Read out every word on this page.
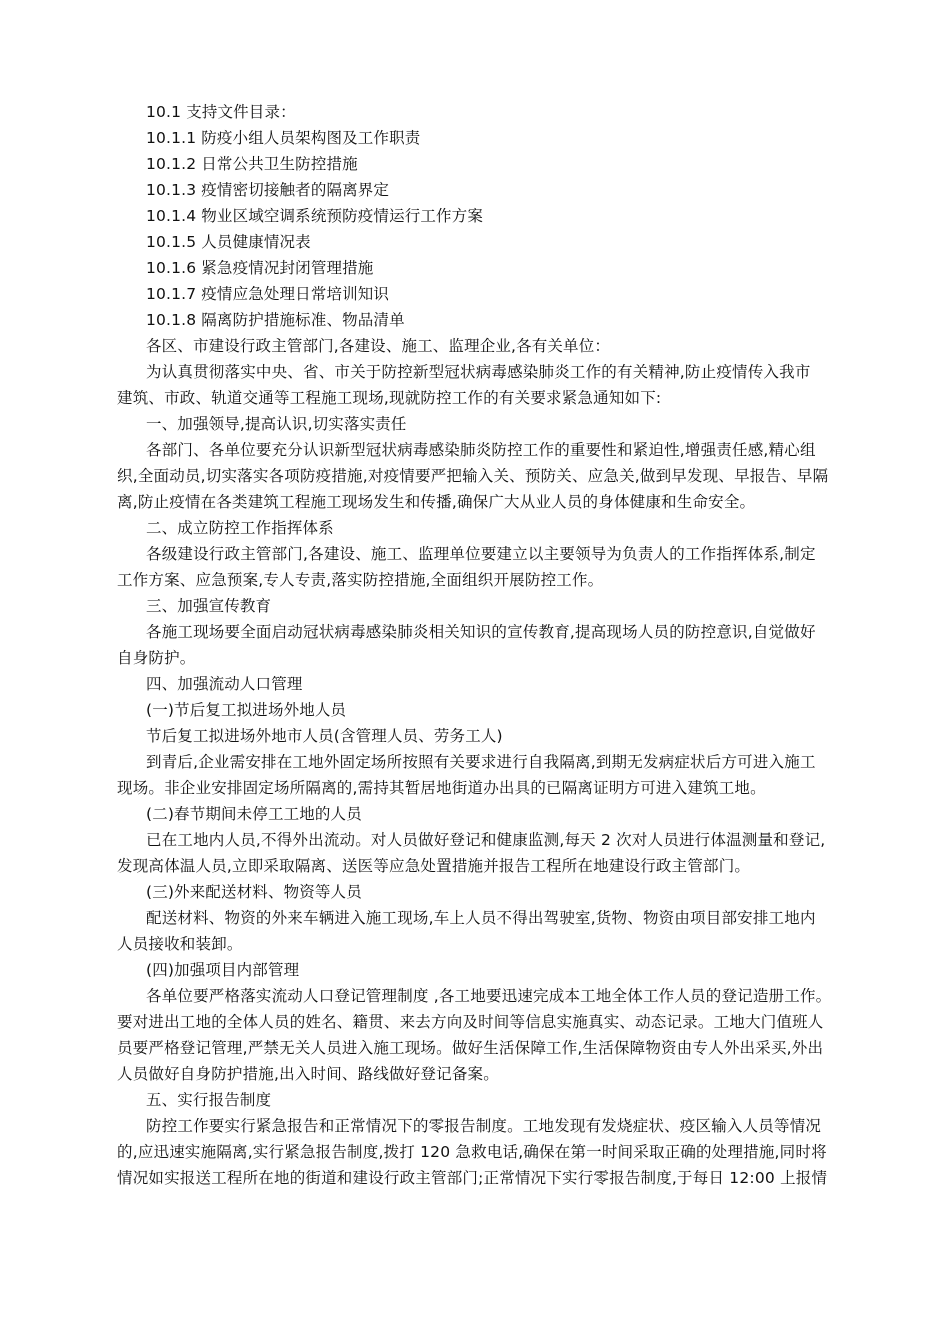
10.1 支持文件目录：
10.1.1 防疫小组人员架构图及工作职责
10.1.2 日常公共卫生防控措施
10.1.3 疫情密切接触者的隔离界定
10.1.4 物业区域空调系统预防疫情运行工作方案
10.1.5 人员健康情况表
10.1.6 紧急疫情况封闭管理措施
10.1.7 疫情应急处理日常培训知识
10.1.8 隔离防护措施标准、物品清单
各区、市建设行政主管部门,各建设、施工、监理企业,各有关单位：
为认真贯彻落实中央、省、市关于防控新型冠状病毒感染肺炎工作的有关精神,防止疫情传入我市
建筑、市政、轨道交通等工程施工现场,现就防控工作的有关要求紧急通知如下:
一、加强领导,提高认识,切实落实责任
各部门、各单位要充分认识新型冠状病毒感染肺炎防控工作的重要性和紧迫性,增强责任感,精心组
织,全面动员,切实落实各项防疫措施,对疫情要严把输入关、预防关、应急关,做到早发现、早报告、早隔
离,防止疫情在各类建筑工程施工现场发生和传播,确保广大从业人员的身体健康和生命安全。
二、成立防控工作指挥体系
各级建设行政主管部门,各建设、施工、监理单位要建立以主要领导为负责人的工作指挥体系,制定
工作方案、应急预案,专人专责,落实防控措施,全面组织开展防控工作。
三、加强宣传教育
各施工现场要全面启动冠状病毒感染肺炎相关知识的宣传教育,提高现场人员的防控意识,自觉做好
自身防护。
四、加强流动人口管理
(一)节后复工拟进场外地人员
节后复工拟进场外地市人员(含管理人员、劳务工人)
到青后,企业需安排在工地外固定场所按照有关要求进行自我隔离,到期无发病症状后方可进入施工
现场。非企业安排固定场所隔离的,需持其暂居地街道办出具的已隔离证明方可进入建筑工地。
(二)春节期间未停工工地的人员
已在工地内人员,不得外出流动。对人员做好登记和健康监测,每天 2 次对人员进行体温测量和登记,
发现高体温人员,立即采取隔离、送医等应急处置措施并报告工程所在地建设行政主管部门。
(三)外来配送材料、物资等人员
配送材料、物资的外来车辆进入施工现场,车上人员不得出驾驶室,货物、物资由项目部安排工地内
人员接收和装卸。
(四)加强项目内部管理
各单位要严格落实流动人口登记管理制度 ,各工地要迅速完成本工地全体工作人员的登记造册工作。
要对进出工地的全体人员的姓名、籍贯、来去方向及时间等信息实施真实、动态记录。工地大门值班人
员要严格登记管理,严禁无关人员进入施工现场。做好生活保障工作,生活保障物资由专人外出采买,外出
人员做好自身防护措施,出入时间、路线做好登记备案。
五、实行报告制度
防控工作要实行紧急报告和正常情况下的零报告制度。工地发现有发烧症状、疫区输入人员等情况
的,应迅速实施隔离,实行紧急报告制度,拨打 120 急救电话,确保在第一时间采取正确的处理措施,同时将
情况如实报送工程所在地的街道和建设行政主管部门;正常情况下实行零报告制度,于每日 12:00 上报情
